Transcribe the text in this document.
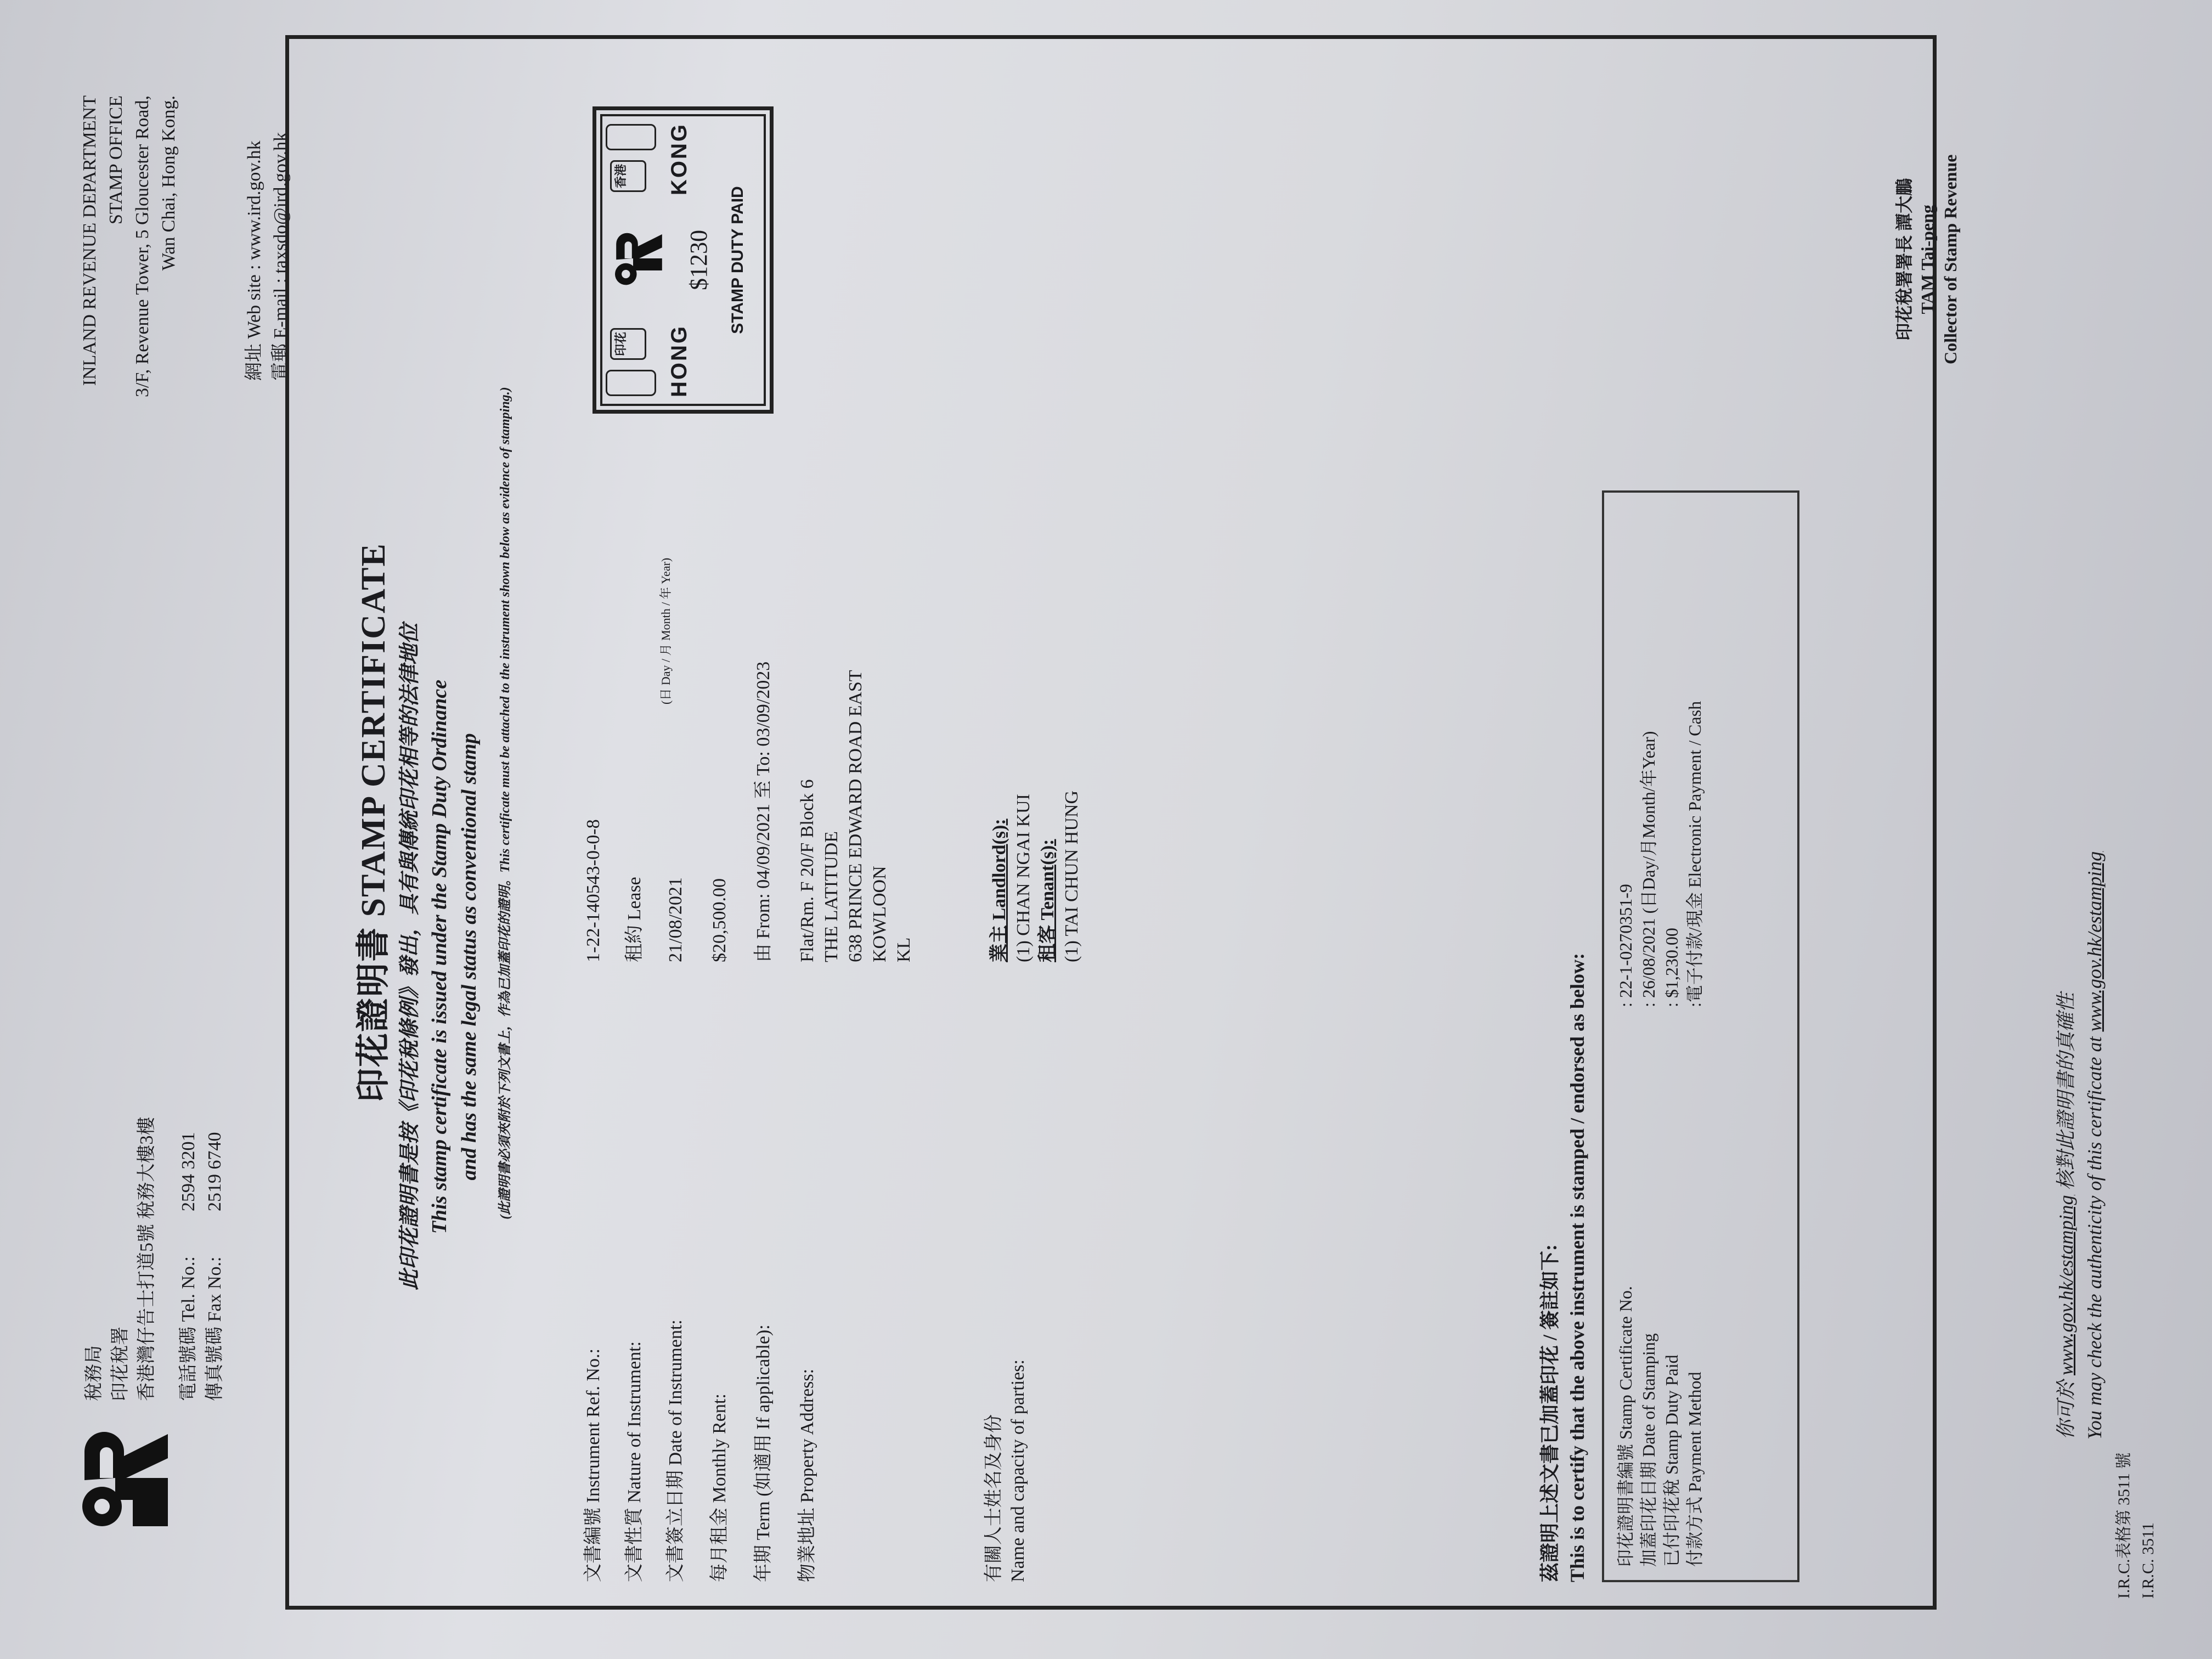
稅務局 印花稅署 香港灣仔告士打道5號 稅務大樓3樓 電話號碼 Tel. No.:
2594 3201
傳真號碼 Fax No.:
2519 6740
INLAND REVENUE DEPARTMENT STAMP OFFICE 3/F, Revenue Tower, 5 Gloucester Road, Wan Chai, Hong Kong.
網址 Web site : www.ird.gov.hk
電郵 E-mail : taxsdo@ird.gov.hk
印花證明書 STAMP CERTIFICATE 此印花證明書是按《印花稅條例》發出，具有與傳統印花相等的法律地位 This stamp certificate is issued under the Stamp Duty Ordinance and has the same legal status as conventional stamp	(此證明書必須夾附於下列文書上，作為已加蓋印花的證明。This certificate must be attached to the instrument shown below as evidence of stamping.)
印花	HONG
KONG
香港
$1230 STAMP DUTY PAID
文書編號 Instrument Ref. No.:
1-22-140543-0-0-8
文書性質 Nature of Instrument:
租約 Lease
文書簽立日期 Date of Instrument:
21/08/2021
(日 Day / 月 Month / 年 Year)
每月租金 Monthly Rent:
$20,500.00
年期 Term (如適用 If applicable):
由 From: 04/09/2021 至 To: 03/09/2023
物業地址 Property Address:
Flat/Rm. F 20/F Block 6 THE LATITUDE 638 PRINCE EDWARD ROAD EAST KOWLOON KL
有關人士姓名及身份 Name and capacity of parties:
業主 Landlord(s): (1) CHAN NGAI KUI 租客 Tenant(s): (1) TAI CHUN HUNG
茲證明上述文書已加蓋印花 / 簽註如下: This is to certify that the above instrument is stamped / endorsed as below: 印花證明書編號 Stamp Certificate No.
: 22-1-0270351-9
加蓋印花日期 Date of Stamping
: 26/08/2021 (日Day/月Month/年Year)
已付印花稅 Stamp Duty Paid
: $1,230.00
付款方式 Payment Method
:電子付款/現金 Electronic Payment / Cash
印花稅署署長 譚大鵬 TAM Tai-peng Collector of Stamp Revenue
你可於 www.gov.hk/estamping 核對此證明書的真確性 You may check the authenticity of this certificate at www.gov.hk/estamping
I.R.C.表格第 3511 號 I.R.C. 3511
